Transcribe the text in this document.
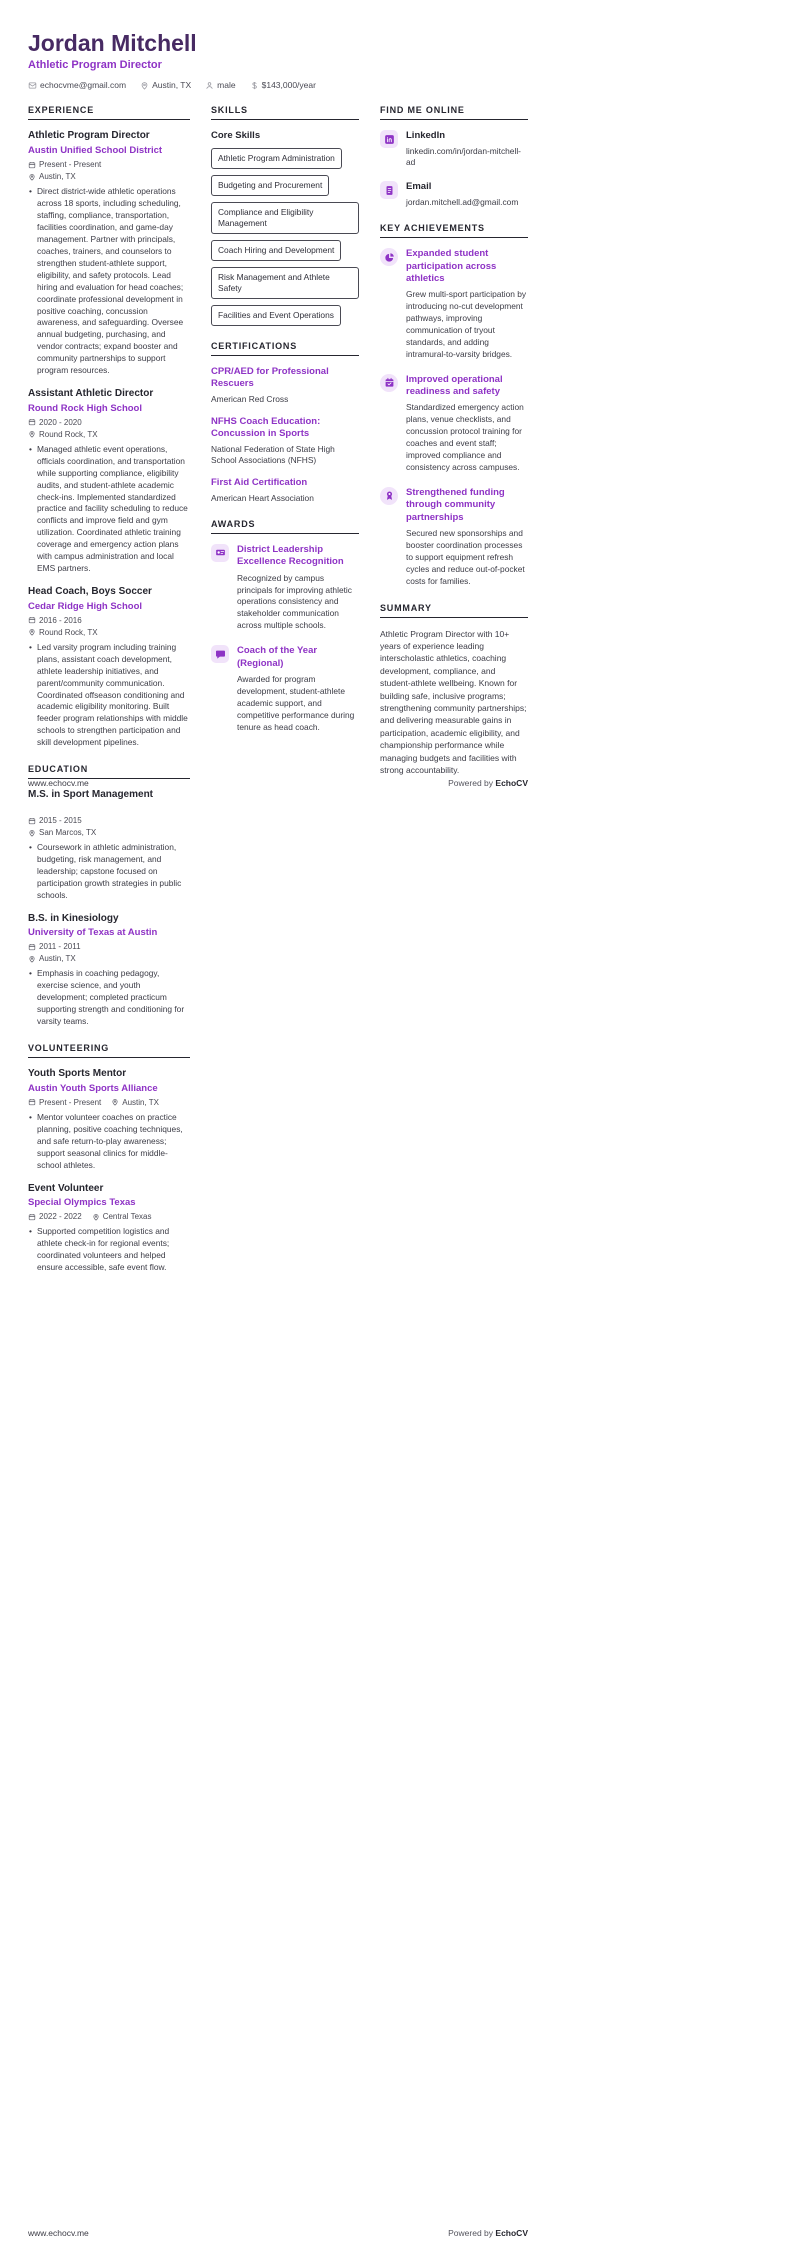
Jordan Mitchell
Athletic Program Director
echocvme@gmail.com	Austin, TX	male	$143,000/year
EXPERIENCE
Athletic Program Director
Austin Unified School District
Present - Present
Austin, TX
• Direct district-wide athletic operations across 18 sports, including scheduling, staffing, compliance, transportation, facilities coordination, and game-day management. Partner with principals, coaches, trainers, and counselors to strengthen student-athlete support, eligibility, and safety protocols. Lead hiring and evaluation for head coaches; coordinate professional development in positive coaching, concussion awareness, and safeguarding. Oversee annual budgeting, purchasing, and vendor contracts; expand booster and community partnerships to support program resources.
Assistant Athletic Director
Round Rock High School
2020 - 2020
Round Rock, TX
• Managed athletic event operations, officials coordination, and transportation while supporting compliance, eligibility audits, and student-athlete academic check-ins. Implemented standardized practice and facility scheduling to reduce conflicts and improve field and gym utilization. Coordinated athletic training coverage and emergency action plans with campus administration and local EMS partners.
Head Coach, Boys Soccer
Cedar Ridge High School
2016 - 2016
Round Rock, TX
• Led varsity program including training plans, assistant coach development, athlete leadership initiatives, and parent/community communication. Coordinated offseason conditioning and academic eligibility monitoring. Built feeder program relationships with middle schools to strengthen participation and skill development pipelines.
EDUCATION
M.S. in Sport Management
SKILLS
Core Skills
Athletic Program Administration
Budgeting and Procurement
Compliance and Eligibility Management
Coach Hiring and Development
Risk Management and Athlete Safety
Facilities and Event Operations
CERTIFICATIONS
CPR/AED for Professional Rescuers
American Red Cross
NFHS Coach Education: Concussion in Sports
National Federation of State High School Associations (NFHS)
First Aid Certification
American Heart Association
AWARDS
District Leadership Excellence Recognition
Recognized by campus principals for improving athletic operations consistency and stakeholder communication across multiple schools.
Coach of the Year (Regional)
Awarded for program development, student-athlete academic support, and competitive performance during tenure as head coach.
FIND ME ONLINE
LinkedIn
linkedin.com/in/jordan-mitchell-ad
Email
jordan.mitchell.ad@gmail.com
KEY ACHIEVEMENTS
Expanded student participation across athletics
Grew multi-sport participation by introducing no-cut development pathways, improving communication of tryout standards, and adding intramural-to-varsity bridges.
Improved operational readiness and safety
Standardized emergency action plans, venue checklists, and concussion protocol training for coaches and event staff; improved compliance and consistency across campuses.
Strengthened funding through community partnerships
Secured new sponsorships and booster coordination processes to support equipment refresh cycles and reduce out-of-pocket costs for families.
SUMMARY
Athletic Program Director with 10+ years of experience leading interscholastic athletics, coaching development, compliance, and student-athlete wellbeing. Known for building safe, inclusive programs; strengthening community partnerships; and delivering measurable gains in participation, academic eligibility, and championship performance while managing budgets and facilities with strong accountability.
www.echocv.me	Powered by EchoCV
2015 - 2015
San Marcos, TX
• Coursework in athletic administration, budgeting, risk management, and leadership; capstone focused on participation growth strategies in public schools.
B.S. in Kinesiology
University of Texas at Austin
2011 - 2011
Austin, TX
• Emphasis in coaching pedagogy, exercise science, and youth development; completed practicum supporting strength and conditioning for varsity teams.
VOLUNTEERING
Youth Sports Mentor
Austin Youth Sports Alliance
Present - Present	Austin, TX
• Mentor volunteer coaches on practice planning, positive coaching techniques, and safe return-to-play awareness; support seasonal clinics for middle-school athletes.
Event Volunteer
Special Olympics Texas
2022 - 2022	Central Texas
• Supported competition logistics and athlete check-in for regional events; coordinated volunteers and helped ensure accessible, safe event flow.
www.echocv.me	Powered by EchoCV
